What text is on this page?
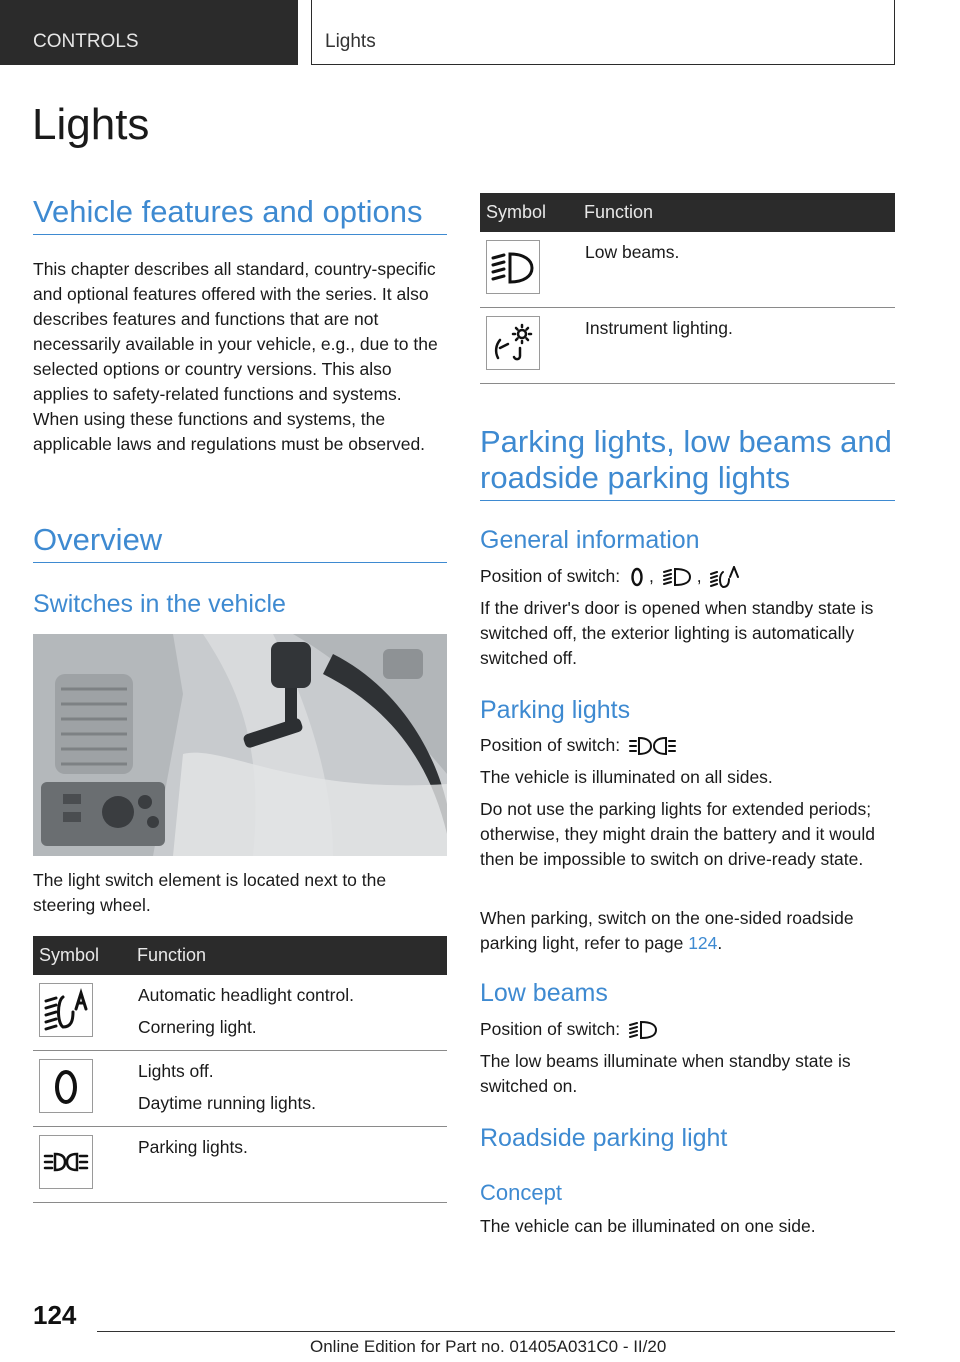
CONTROLS	Lights
Lights
Vehicle features and options

This chapter describes all standard, country-specific and optional features offered with the series. It also describes features and functions that are not necessarily available in your vehicle, e.g., due to the selected options or country versions. This also applies to safety-related functions and systems. When using these functions and systems, the applicable laws and regulations must be observed.

Overview
Switches in the vehicle

The light switch element is located next to the steering wheel.

Symbol Function
Automatic headlight control.
Cornering light.
Lights off.
Daytime running lights.
Parking lights.
Symbol Function
Low beams.
Instrument lighting.
Parking lights, low beams and
roadside parking lights
General information

Position of switch: , ,

If the driver's door is opened when standby state is switched off, the exterior lighting is automatically switched off.

Parking lights

Position of switch:

The vehicle is illuminated on all sides.

Do not use the parking lights for extended periods; otherwise, they might drain the battery and it would then be impossible to switch on drive-ready state.

When parking, switch on the one-sided roadside parking light, refer to page 124.

Low beams

Position of switch:

The low beams illuminate when standby state is switched on.

Roadside parking light
Concept

The vehicle can be illuminated on one side.

124
Online Edition for Part no. 01405A031C0 - II/20
